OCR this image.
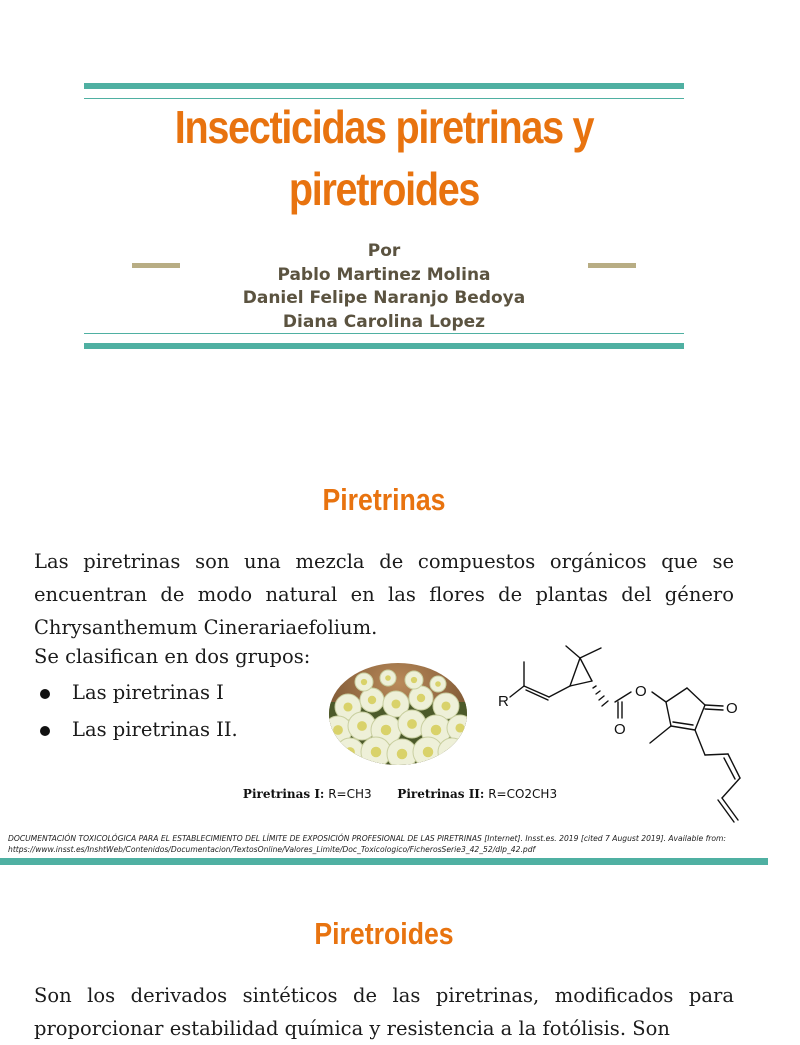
Insecticidas piretrinas y
piretroides
Por
Pablo Martinez Molina
Daniel Felipe Naranjo Bedoya
Diana Carolina Lopez
Piretrinas

Las piretrinas son una mezcla de compuestos orgánicos que se encuentran de modo natural en las flores de plantas del género Chrysanthemum Cinerariaefolium.

Se clasifican en dos grupos:
Las piretrinas I
Las piretrinas II.
R
O
O
O
Piretrinas I: R=CH3 Piretrinas II: R=CO2CH3
DOCUMENTACIÓN TOXICOLÓGICA PARA EL ESTABLECIMIENTO DEL LÍMITE DE EXPOSICIÓN PROFESIONAL DE LAS PIRETRINAS [Internet]. Insst.es. 2019 [cited 7 August 2019]. Available from:
https://www.insst.es/InshtWeb/Contenidos/Documentacion/TextosOnline/Valores_Limite/Doc_Toxicologico/FicherosSerie3_42_52/dlp_42.pdf
Piretroides

Son los derivados sintéticos de las piretrinas, modificados para proporcionar estabilidad química y resistencia a la fotólisis. Son
